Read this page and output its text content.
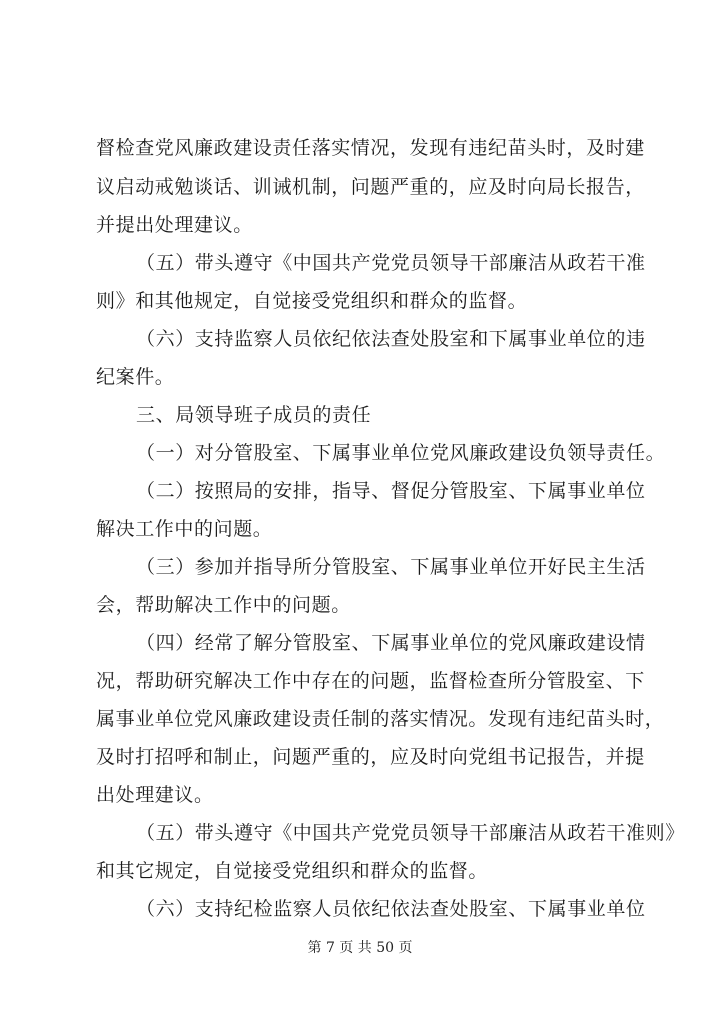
督检查党风廉政建设责任落实情况，发现有违纪苗头时，及时建
议启动戒勉谈话、训诫机制，问题严重的，应及时向局长报告，
并提出处理建议。
（五）带头遵守《中国共产党党员领导干部廉洁从政若干准
则》和其他规定，自觉接受党组织和群众的监督。
（六）支持监察人员依纪依法查处股室和下属事业单位的违
纪案件。
三、局领导班子成员的责任
（一）对分管股室、下属事业单位党风廉政建设负领导责任。
（二）按照局的安排，指导、督促分管股室、下属事业单位
解决工作中的问题。
（三）参加并指导所分管股室、下属事业单位开好民主生活
会，帮助解决工作中的问题。
（四）经常了解分管股室、下属事业单位的党风廉政建设情
况，帮助研究解决工作中存在的问题，监督检查所分管股室、下
属事业单位党风廉政建设责任制的落实情况。发现有违纪苗头时，
及时打招呼和制止，问题严重的，应及时向党组书记报告，并提
出处理建议。
（五）带头遵守《中国共产党党员领导干部廉洁从政若干准则》
和其它规定，自觉接受党组织和群众的监督。
（六）支持纪检监察人员依纪依法查处股室、下属事业单位
第 7 页 共 50 页
